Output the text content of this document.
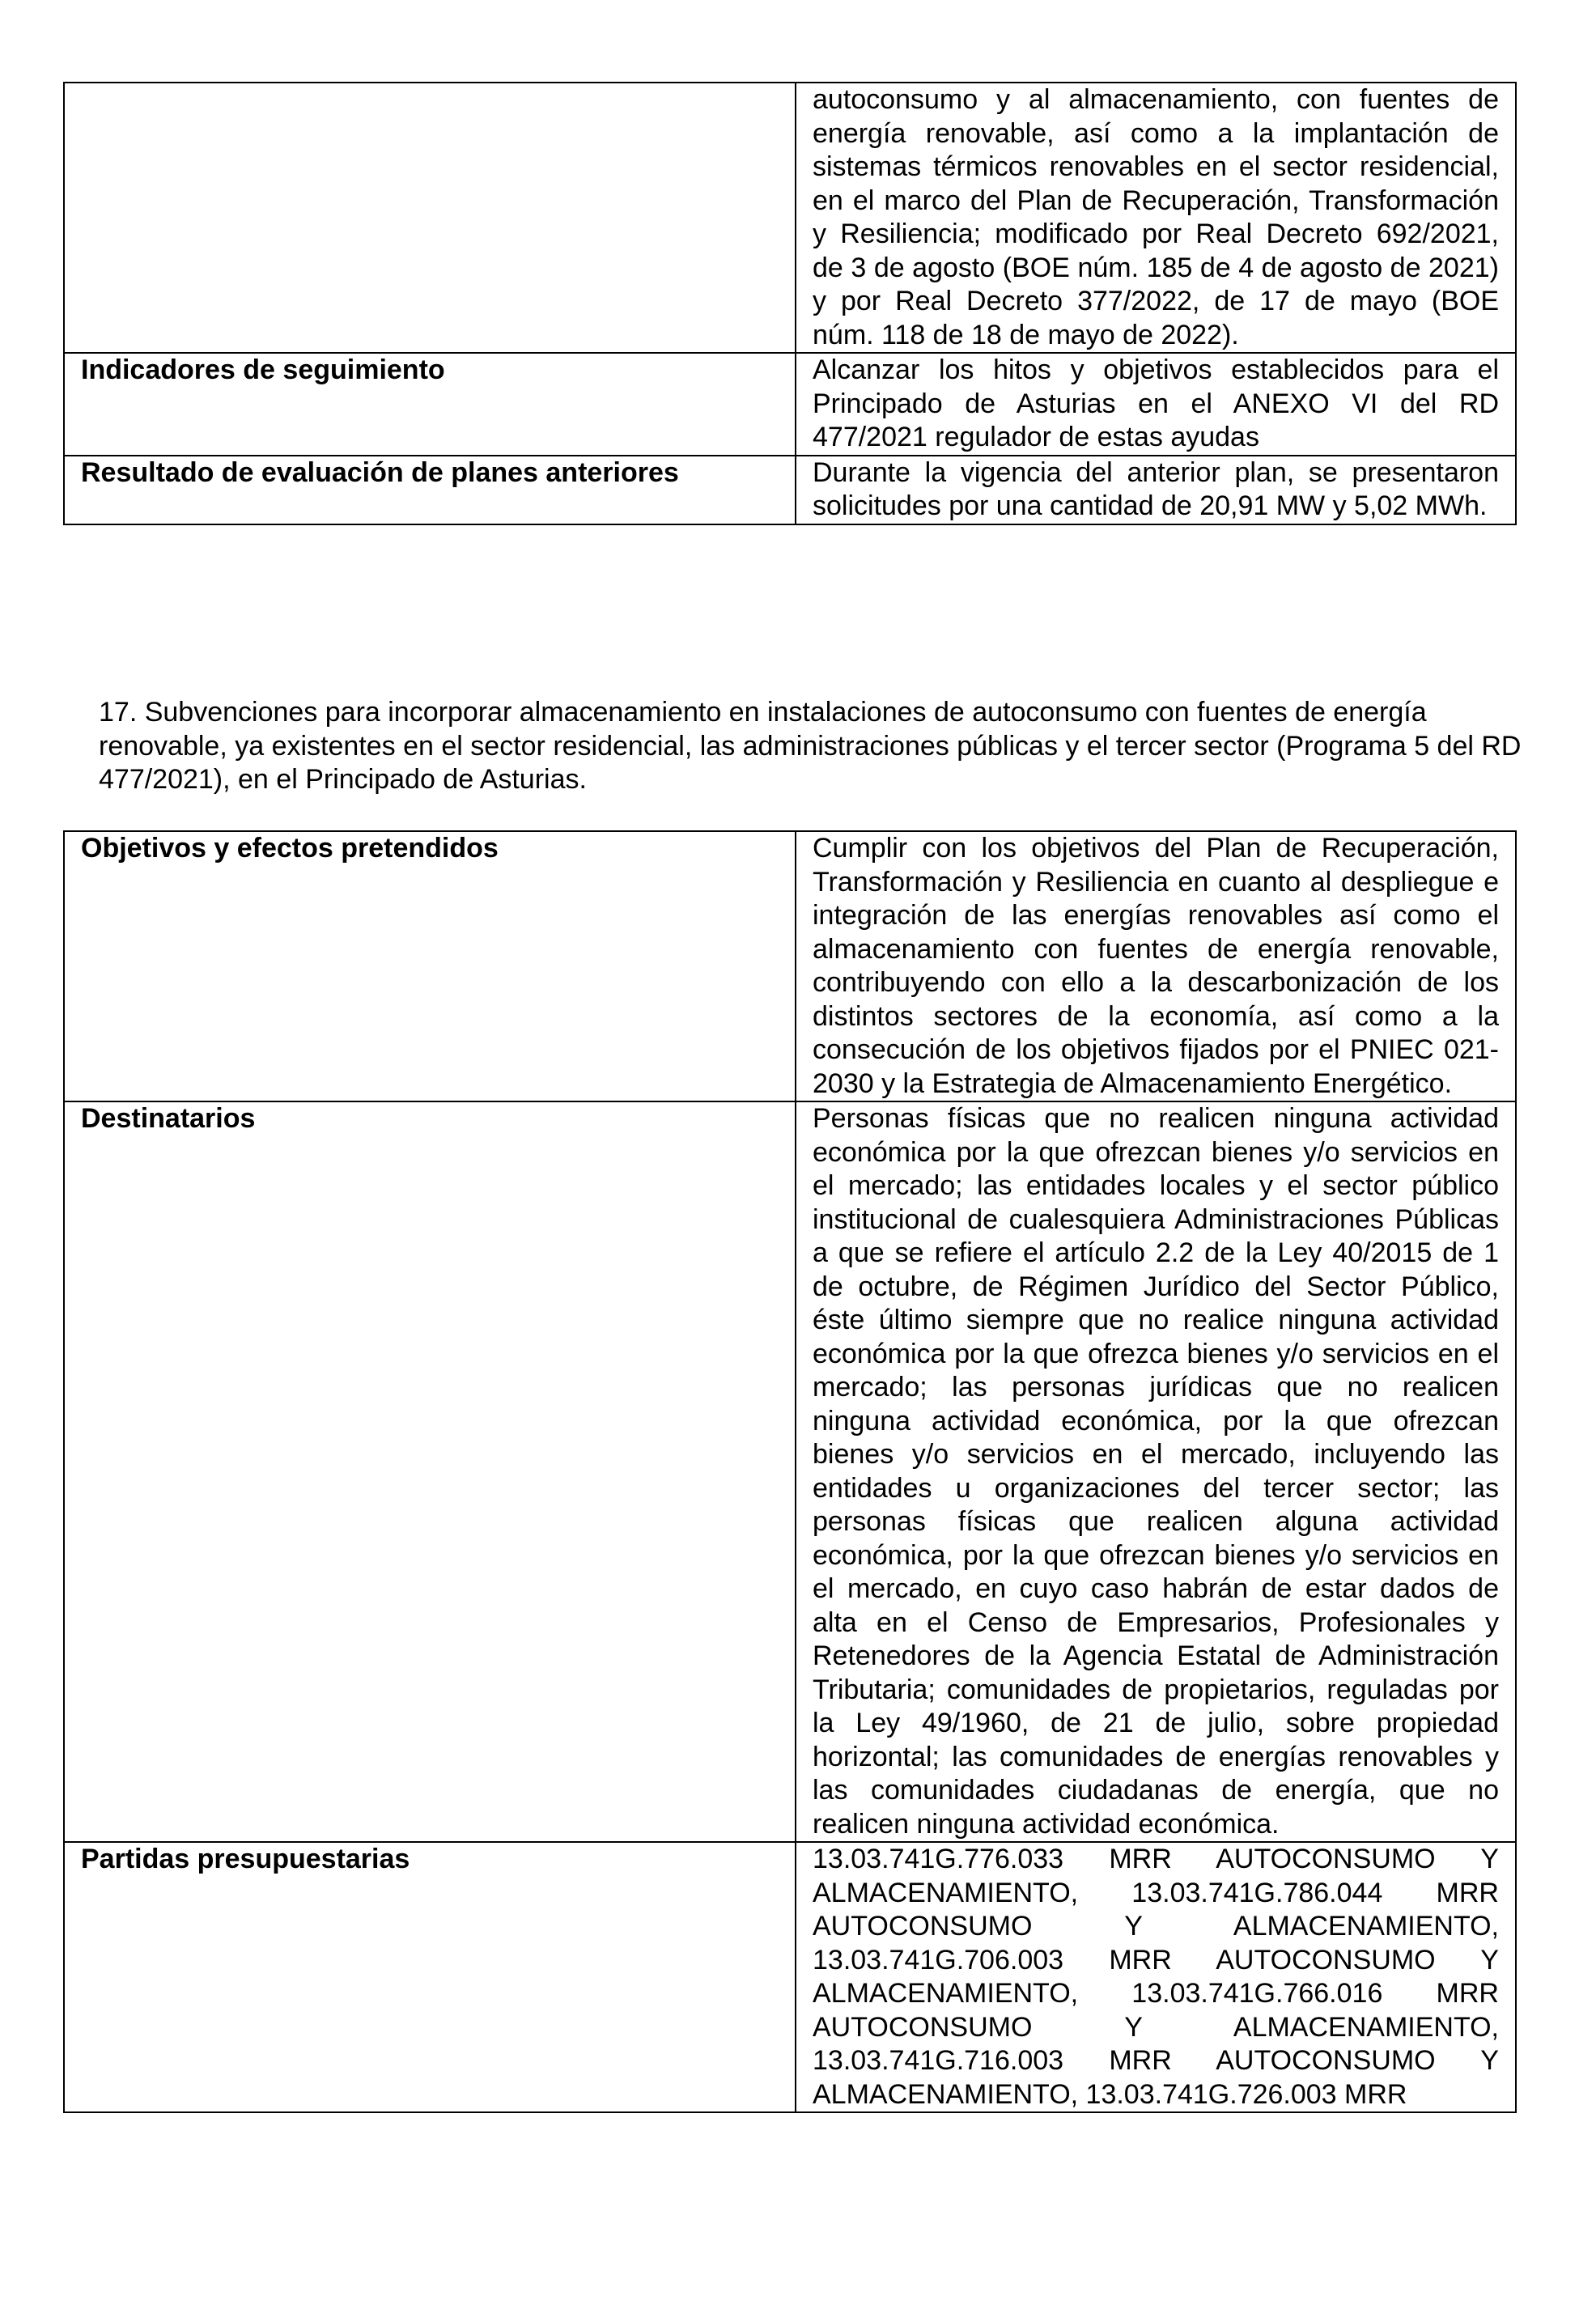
	autoconsumo y al almacenamiento, con fuentes de energía renovable, así como a la implantación de sistemas térmicos renovables en el sector residencial, en el marco del Plan de Recuperación, Transformación y Resiliencia; modificado por Real Decreto 692/2021, de 3 de agosto (BOE núm. 185 de 4 de agosto de 2021) y por Real Decreto 377/2022, de 17 de mayo (BOE núm. 118 de 18 de mayo de 2022).
Indicadores de seguimiento	Alcanzar los hitos y objetivos establecidos para el Principado de Asturias en el ANEXO VI del RD 477/2021 regulador de estas ayudas
Resultado de evaluación de planes anteriores	Durante la vigencia del anterior plan, se presentaron solicitudes por una cantidad de 20,91 MW y 5,02 MWh.

17. Subvenciones para incorporar almacenamiento en instalaciones de autoconsumo con fuentes de energía renovable, ya existentes en el sector residencial, las administraciones públicas y el tercer sector (Programa 5 del RD 477/2021), en el Principado de Asturias.

Objetivos y efectos pretendidos	Cumplir con los objetivos del Plan de Recuperación, Transformación y Resiliencia en cuanto al despliegue e integración de las energías renovables así como el almacenamiento con fuentes de energía renovable, contribuyendo con ello a la descarbonización de los distintos sectores de la economía, así como a la consecución de los objetivos fijados por el PNIEC 021-2030 y la Estrategia de Almacenamiento Energético.
Destinatarios	Personas físicas que no realicen ninguna actividad económica por la que ofrezcan bienes y/o servicios en el mercado; las entidades locales y el sector público institucional de cualesquiera Administraciones Públicas a que se refiere el artículo 2.2 de la Ley 40/2015 de 1 de octubre, de Régimen Jurídico del Sector Público, éste último siempre que no realice ninguna actividad económica por la que ofrezca bienes y/o servicios en el mercado; las personas jurídicas que no realicen ninguna actividad económica, por la que ofrezcan bienes y/o servicios en el mercado, incluyendo las entidades u organizaciones del tercer sector; las personas físicas que realicen alguna actividad económica, por la que ofrezcan bienes y/o servicios en el mercado, en cuyo caso habrán de estar dados de alta en el Censo de Empresarios, Profesionales y Retenedores de la Agencia Estatal de Administración Tributaria; comunidades de propietarios, reguladas por la Ley 49/1960, de 21 de julio, sobre propiedad horizontal; las comunidades de energías renovables y las comunidades ciudadanas de energía, que no realicen ninguna actividad económica.
Partidas presupuestarias	13.03.741G.776.033 MRR AUTOCONSUMO Y ALMACENAMIENTO, 13.03.741G.786.044 MRR AUTOCONSUMO Y ALMACENAMIENTO, 13.03.741G.706.003 MRR AUTOCONSUMO Y ALMACENAMIENTO, 13.03.741G.766.016 MRR AUTOCONSUMO Y ALMACENAMIENTO, 13.03.741G.716.003 MRR AUTOCONSUMO Y ALMACENAMIENTO, 13.03.741G.726.003 MRR
